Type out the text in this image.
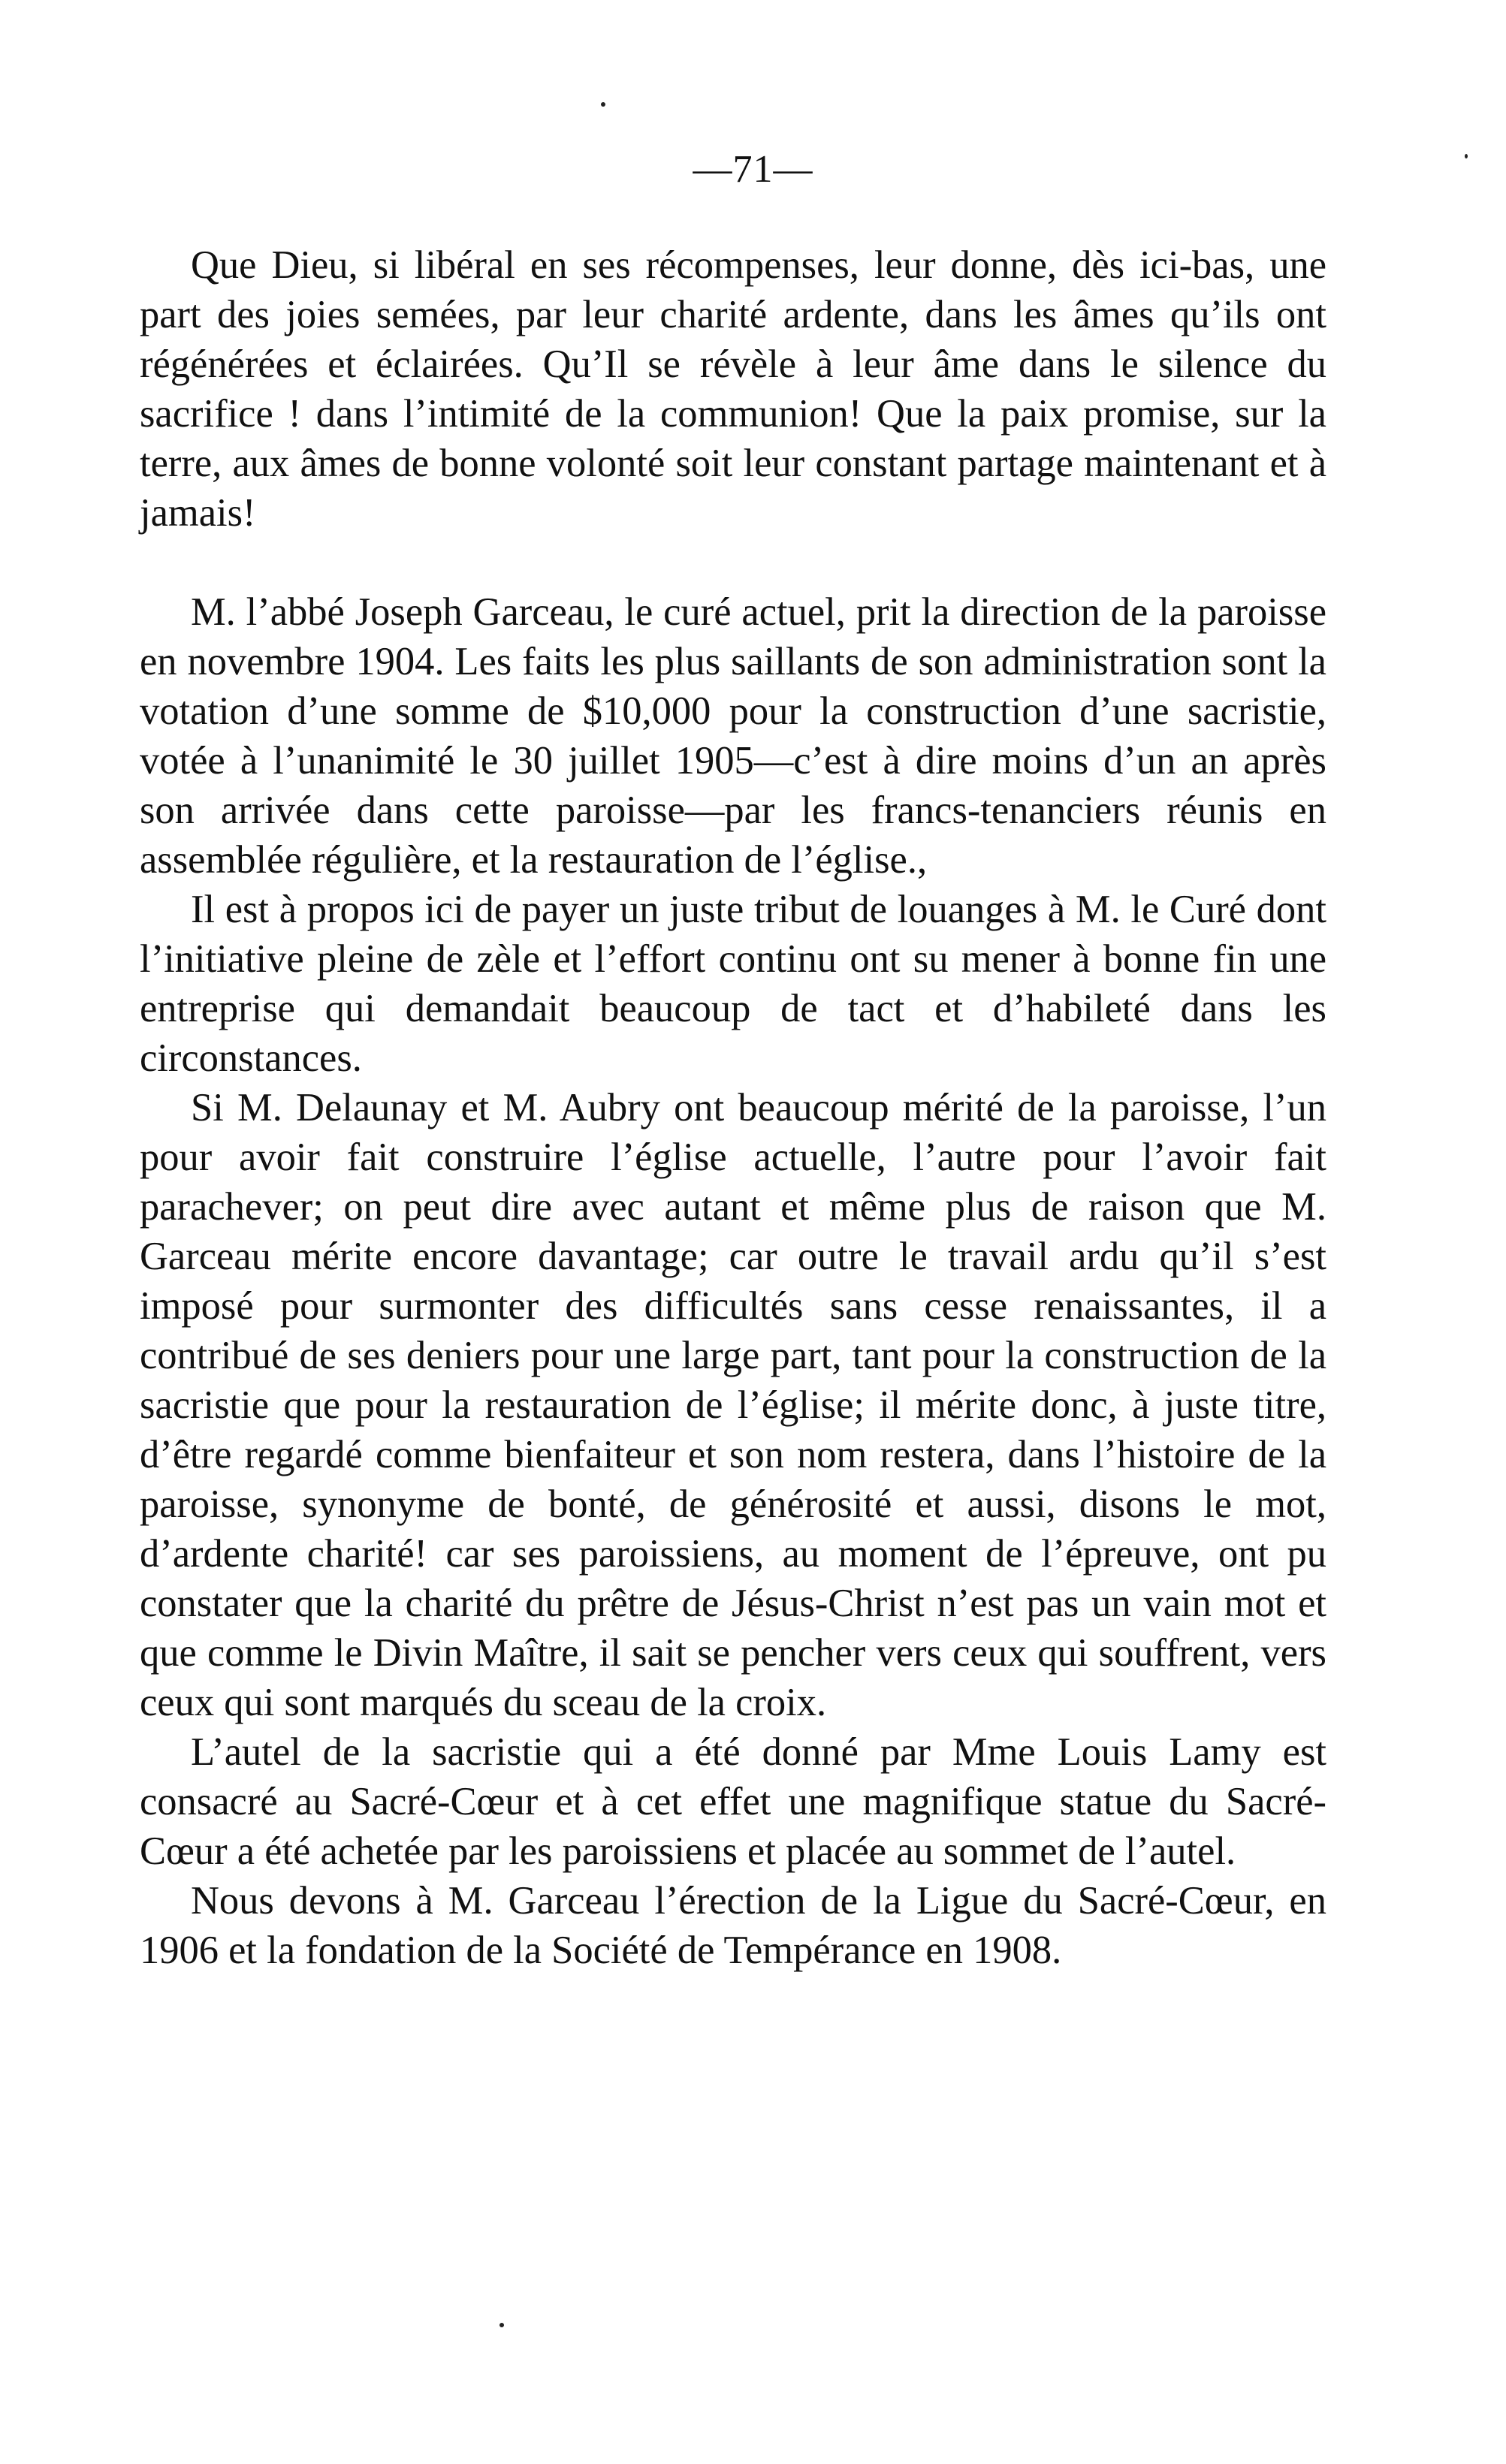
—71—

Que Dieu, si libéral en ses récompenses, leur donne, dès ici-bas, une part des joies semées, par leur charité ardente, dans les âmes qu’ils ont régénérées et éclairées. Qu’Il se révèle à leur âme dans le silence du sacrifice ! dans l’intimité de la communion! Que la paix promise, sur la terre, aux âmes de bonne volonté soit leur constant partage maintenant et à jamais!

M. l’abbé Joseph Garceau, le curé actuel, prit la direction de la paroisse en novembre 1904. Les faits les plus saillants de son administration sont la votation d’une somme de $10,000 pour la construction d’une sacristie, votée à l’unanimité le 30 juillet 1905—c’est à dire moins d’un an après son arrivée dans cette paroisse—par les francs-tenanciers réunis en assemblée régulière, et la restauration de l’église.,

Il est à propos ici de payer un juste tribut de louanges à M. le Curé dont l’initiative pleine de zèle et l’effort continu ont su mener à bonne fin une entreprise qui demandait beaucoup de tact et d’habileté dans les circonstances.

Si M. Delaunay et M. Aubry ont beaucoup mérité de la paroisse, l’un pour avoir fait construire l’église actuelle, l’autre pour l’avoir fait parachever; on peut dire avec autant et même plus de raison que M. Garceau mérite encore davantage; car outre le travail ardu qu’il s’est imposé pour surmonter des difficultés sans cesse renaissantes, il a contribué de ses deniers pour une large part, tant pour la construction de la sacristie que pour la restauration de l’église; il mérite donc, à juste titre, d’être regardé comme bienfaiteur et son nom restera, dans l’histoire de la paroisse, synonyme de bonté, de générosité et aussi, disons le mot, d’ardente charité! car ses paroissiens, au moment de l’épreuve, ont pu constater que la charité du prêtre de Jésus-Christ n’est pas un vain mot et que comme le Divin Maître, il sait se pencher vers ceux qui souffrent, vers ceux qui sont marqués du sceau de la croix.

L’autel de la sacristie qui a été donné par Mme Louis Lamy est consacré au Sacré-Cœur et à cet effet une magnifique statue du Sacré-Cœur a été achetée par les paroissiens et placée au sommet de l’autel.

Nous devons à M. Garceau l’érection de la Ligue du Sacré-Cœur, en 1906 et la fondation de la Société de Tempérance en 1908.
